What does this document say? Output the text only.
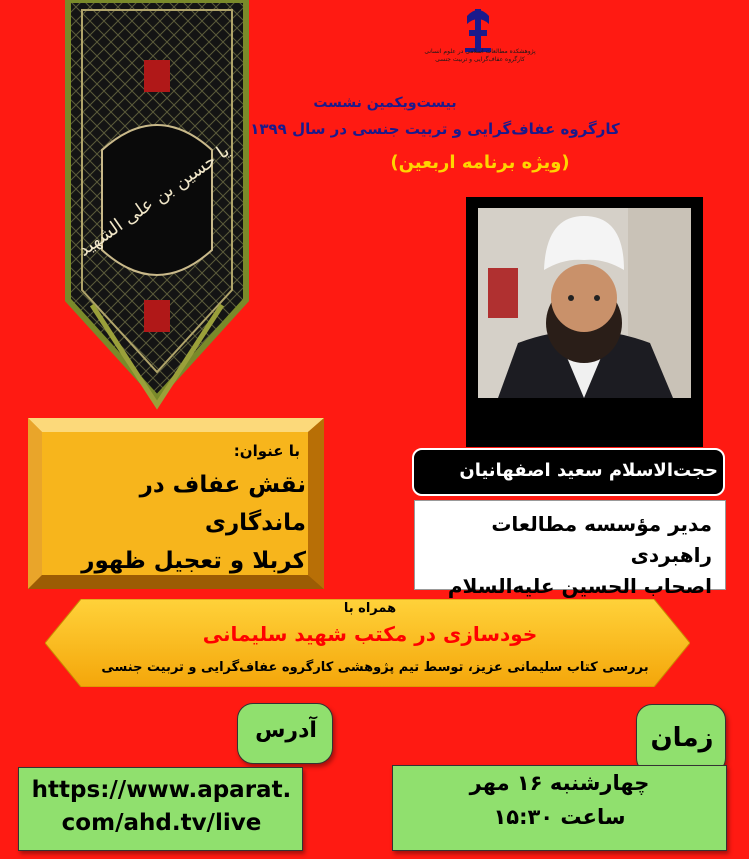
پژوهشکده مطالعات اسلامی در علوم انسانی کارگروه عفاف‌گرایی و تربیت جنسی
بیست‌ویکمین نشست
کارگروه عفاف‌گرایی و تربیت جنسی در سال ۱۳۹۹
(ویژه برنامه اربعین)
یا حسین بن علی الشهید
حجت‌الاسلام سعید اصفهانیان
مدیر مؤسسه مطالعات راهبردی
اصحاب الحسین علیه‌السلام
با عنوان:
نقش عفاف در ماندگاری
کربلا و تعجیل ظهور
همراه با
خودسازی در مکتب شهید سلیمانی
بررسی کتاب سلیمانی عزیز، توسط تیم پژوهشی کارگروه عفاف‌گرایی و تربیت جنسی
آدرس
https://www.aparat.
com/ahd.tv/live
زمان
چهارشنبه ۱۶ مهر
ساعت ۱۵:۳۰
